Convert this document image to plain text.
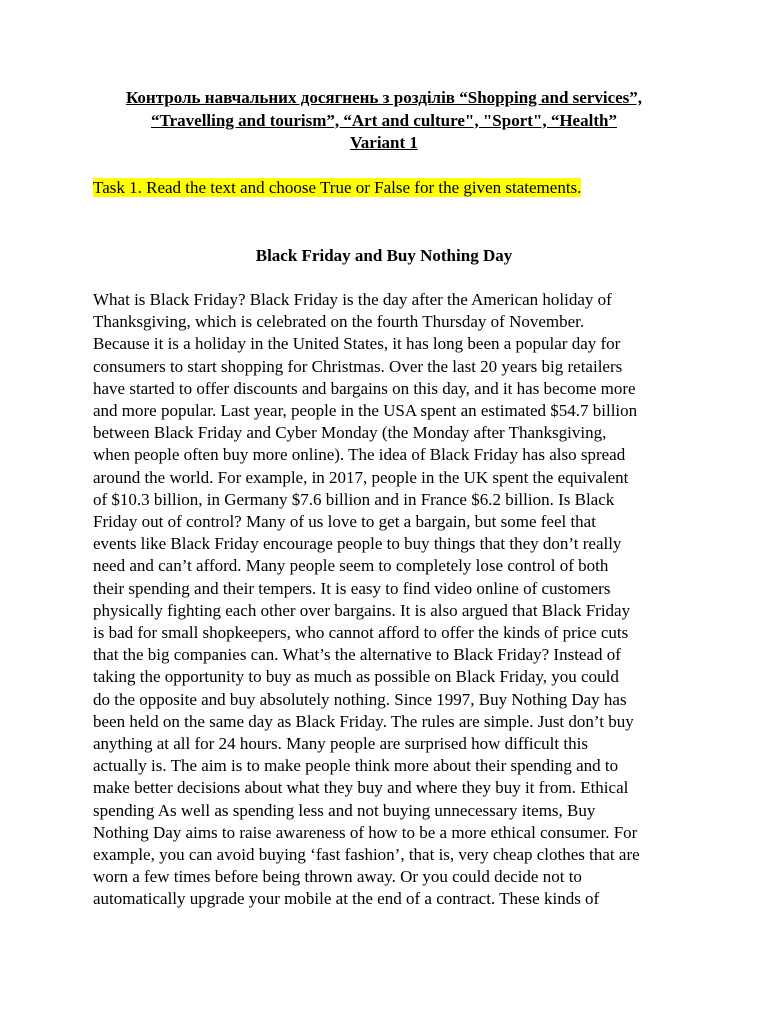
Контроль навчальних досягнень з розділів “Shopping and services”,
“Travelling and tourism”, “Art and culture", "Sport", “Health”
Variant 1
Task 1. Read the text and choose True or False for the given statements.
Black Friday and Buy Nothing Day
What is Black Friday? Black Friday is the day after the American holiday of
Thanksgiving, which is celebrated on the fourth Thursday of November.
Because it is a holiday in the United States, it has long been a popular day for
consumers to start shopping for Christmas. Over the last 20 years big retailers
have started to offer discounts and bargains on this day, and it has become more
and more popular. Last year, people in the USA spent an estimated $54.7 billion
between Black Friday and Cyber Monday (the Monday after Thanksgiving,
when people often buy more online). The idea of Black Friday has also spread
around the world. For example, in 2017, people in the UK spent the equivalent
of $10.3 billion, in Germany $7.6 billion and in France $6.2 billion. Is Black
Friday out of control? Many of us love to get a bargain, but some feel that
events like Black Friday encourage people to buy things that they don’t really
need and can’t afford. Many people seem to completely lose control of both
their spending and their tempers. It is easy to find video online of customers
physically fighting each other over bargains. It is also argued that Black Friday
is bad for small shopkeepers, who cannot afford to offer the kinds of price cuts
that the big companies can. What’s the alternative to Black Friday? Instead of
taking the opportunity to buy as much as possible on Black Friday, you could
do the opposite and buy absolutely nothing. Since 1997, Buy Nothing Day has
been held on the same day as Black Friday. The rules are simple. Just don’t buy
anything at all for 24 hours. Many people are surprised how difficult this
actually is. The aim is to make people think more about their spending and to
make better decisions about what they buy and where they buy it from. Ethical
spending As well as spending less and not buying unnecessary items, Buy
Nothing Day aims to raise awareness of how to be a more ethical consumer. For
example, you can avoid buying ‘fast fashion’, that is, very cheap clothes that are
worn a few times before being thrown away. Or you could decide not to
automatically upgrade your mobile at the end of a contract. These kinds of
